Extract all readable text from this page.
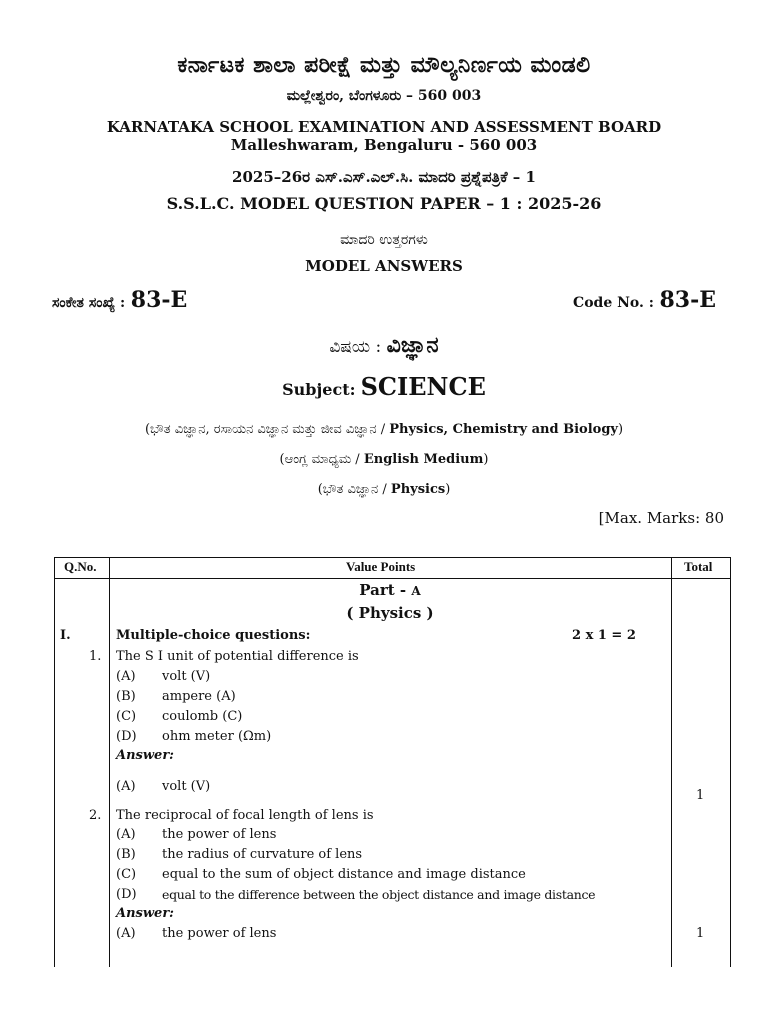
ಕರ್ನಾಟಕ ಶಾಲಾ ಪರೀಕ್ಷೆ ಮತ್ತು ಮೌಲ್ಯನಿರ್ಣಯ ಮಂಡಲಿ
ಮಲ್ಲೇಶ್ವರಂ, ಬೆಂಗಳೂರು – 560 003
KARNATAKA SCHOOL EXAMINATION AND ASSESSMENT BOARD
Malleshwaram, Bengaluru - 560 003
2025–26ರ ಎಸ್.ಎಸ್.ಎಲ್.ಸಿ. ಮಾದರಿ ಪ್ರಶ್ನೆಪತ್ರಿಕೆ – 1
S.S.L.C. MODEL QUESTION PAPER – 1 : 2025-26
ಮಾದರಿ ಉತ್ತರಗಳು
MODEL ANSWERS
ಸಂಕೇತ ಸಂಖ್ಯೆ : 83-E	Code No. : 83-E
ವಿಷಯ : ವಿಜ್ಞಾನ
Subject: SCIENCE
(ಭೌತ ವಿಜ್ಞಾನ, ರಸಾಯನ ವಿಜ್ಞಾನ ಮತ್ತು ಜೀವ ವಿಜ್ಞಾನ / Physics, Chemistry and Biology)
(ಆಂಗ್ಲ ಮಾಧ್ಯಮ / English Medium)
(ಭೌತ ವಿಜ್ಞಾನ / Physics)
[Max. Marks: 80
Q.No.	Value Points	Total
Part - A
( Physics )
I.	Multiple-choice questions:	2 x 1 = 2
1. The S I unit of potential difference is
(A) volt (V)
(B) ampere (A)
(C) coulomb (C)
(D) ohm meter (Ωm)
Answer:
(A) volt (V)
1
2. The reciprocal of focal length of lens is
(A) the power of lens
(B) the radius of curvature of lens
(C) equal to the sum of object distance and image distance
(D) equal to the difference between the object distance and image distance
Answer:
(A) the power of lens	1
